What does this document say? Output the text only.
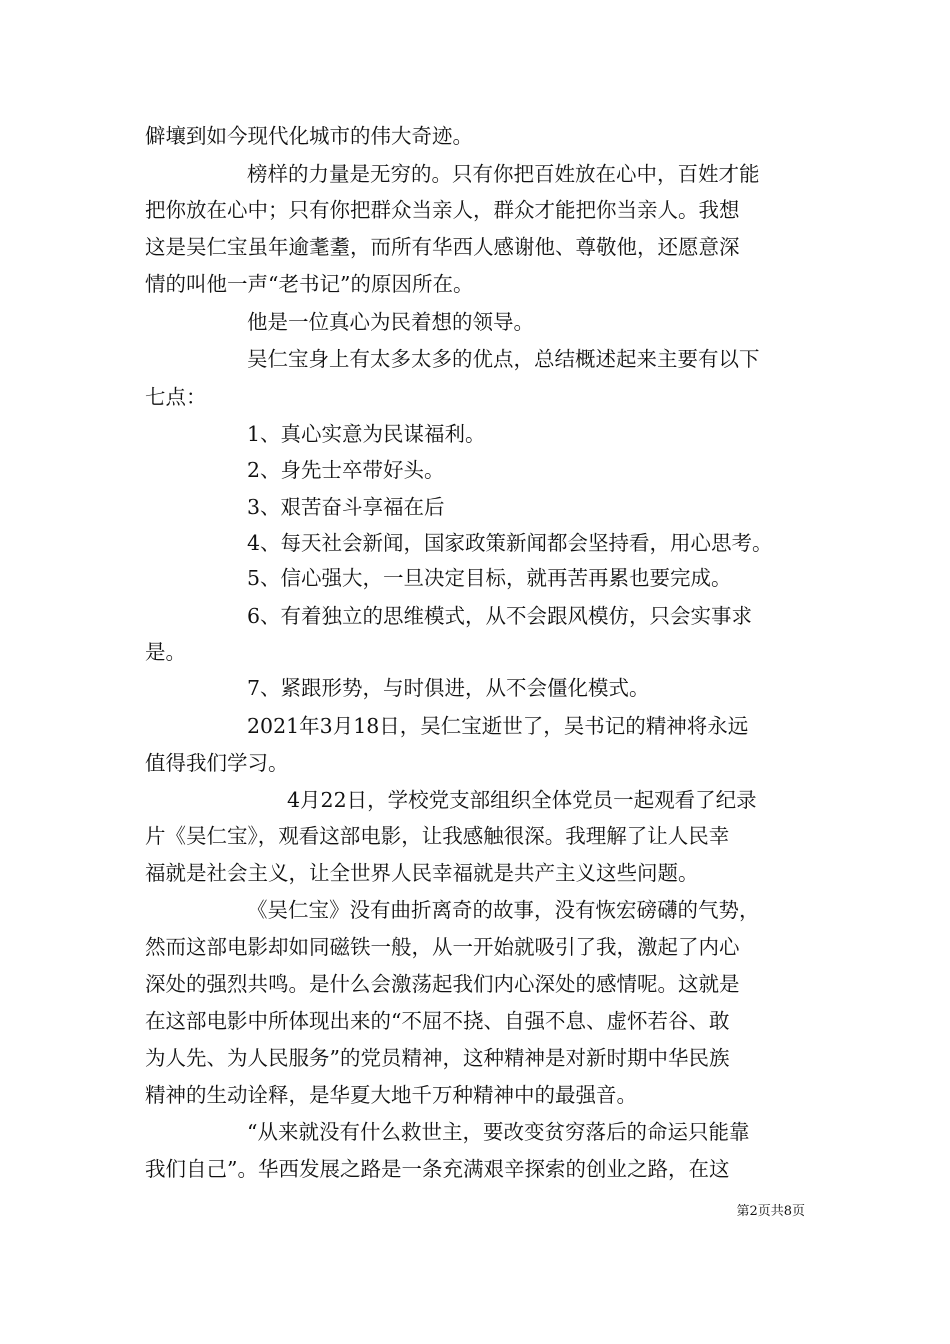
僻壤到如今现代化城市的伟大奇迹。
榜样的力量是无穷的。只有你把百姓放在心中，百姓才能
把你放在心中；只有你把群众当亲人，群众才能把你当亲人。我想
这是吴仁宝虽年逾耄耋，而所有华西人感谢他、尊敬他，还愿意深
情的叫他一声“老书记”的原因所在。
他是一位真心为民着想的领导。
吴仁宝身上有太多太多的优点，总结概述起来主要有以下
七点：
1、真心实意为民谋福利。
2、身先士卒带好头。
3、艰苦奋斗享福在后
4、每天社会新闻，国家政策新闻都会坚持看，用心思考。
5、信心强大，一旦决定目标，就再苦再累也要完成。
6、有着独立的思维模式，从不会跟风模仿，只会实事求
是。
7、紧跟形势，与时俱进，从不会僵化模式。
2021年3月18日，吴仁宝逝世了，吴书记的精神将永远
值得我们学习。
4月22日，学校党支部组织全体党员一起观看了纪录
片《吴仁宝》，观看这部电影，让我感触很深。我理解了让人民幸
福就是社会主义，让全世界人民幸福就是共产主义这些问题。
《吴仁宝》没有曲折离奇的故事，没有恢宏磅礴的气势，
然而这部电影却如同磁铁一般，从一开始就吸引了我，激起了内心
深处的强烈共鸣。是什么会激荡起我们内心深处的感情呢。这就是
在这部电影中所体现出来的“不屈不挠、自强不息、虚怀若谷、敢
为人先、为人民服务”的党员精神，这种精神是对新时期中华民族
精神的生动诠释，是华夏大地千万种精神中的最强音。
“从来就没有什么救世主，要改变贫穷落后的命运只能靠
我们自己”。华西发展之路是一条充满艰辛探索的创业之路，在这
第2页共8页
